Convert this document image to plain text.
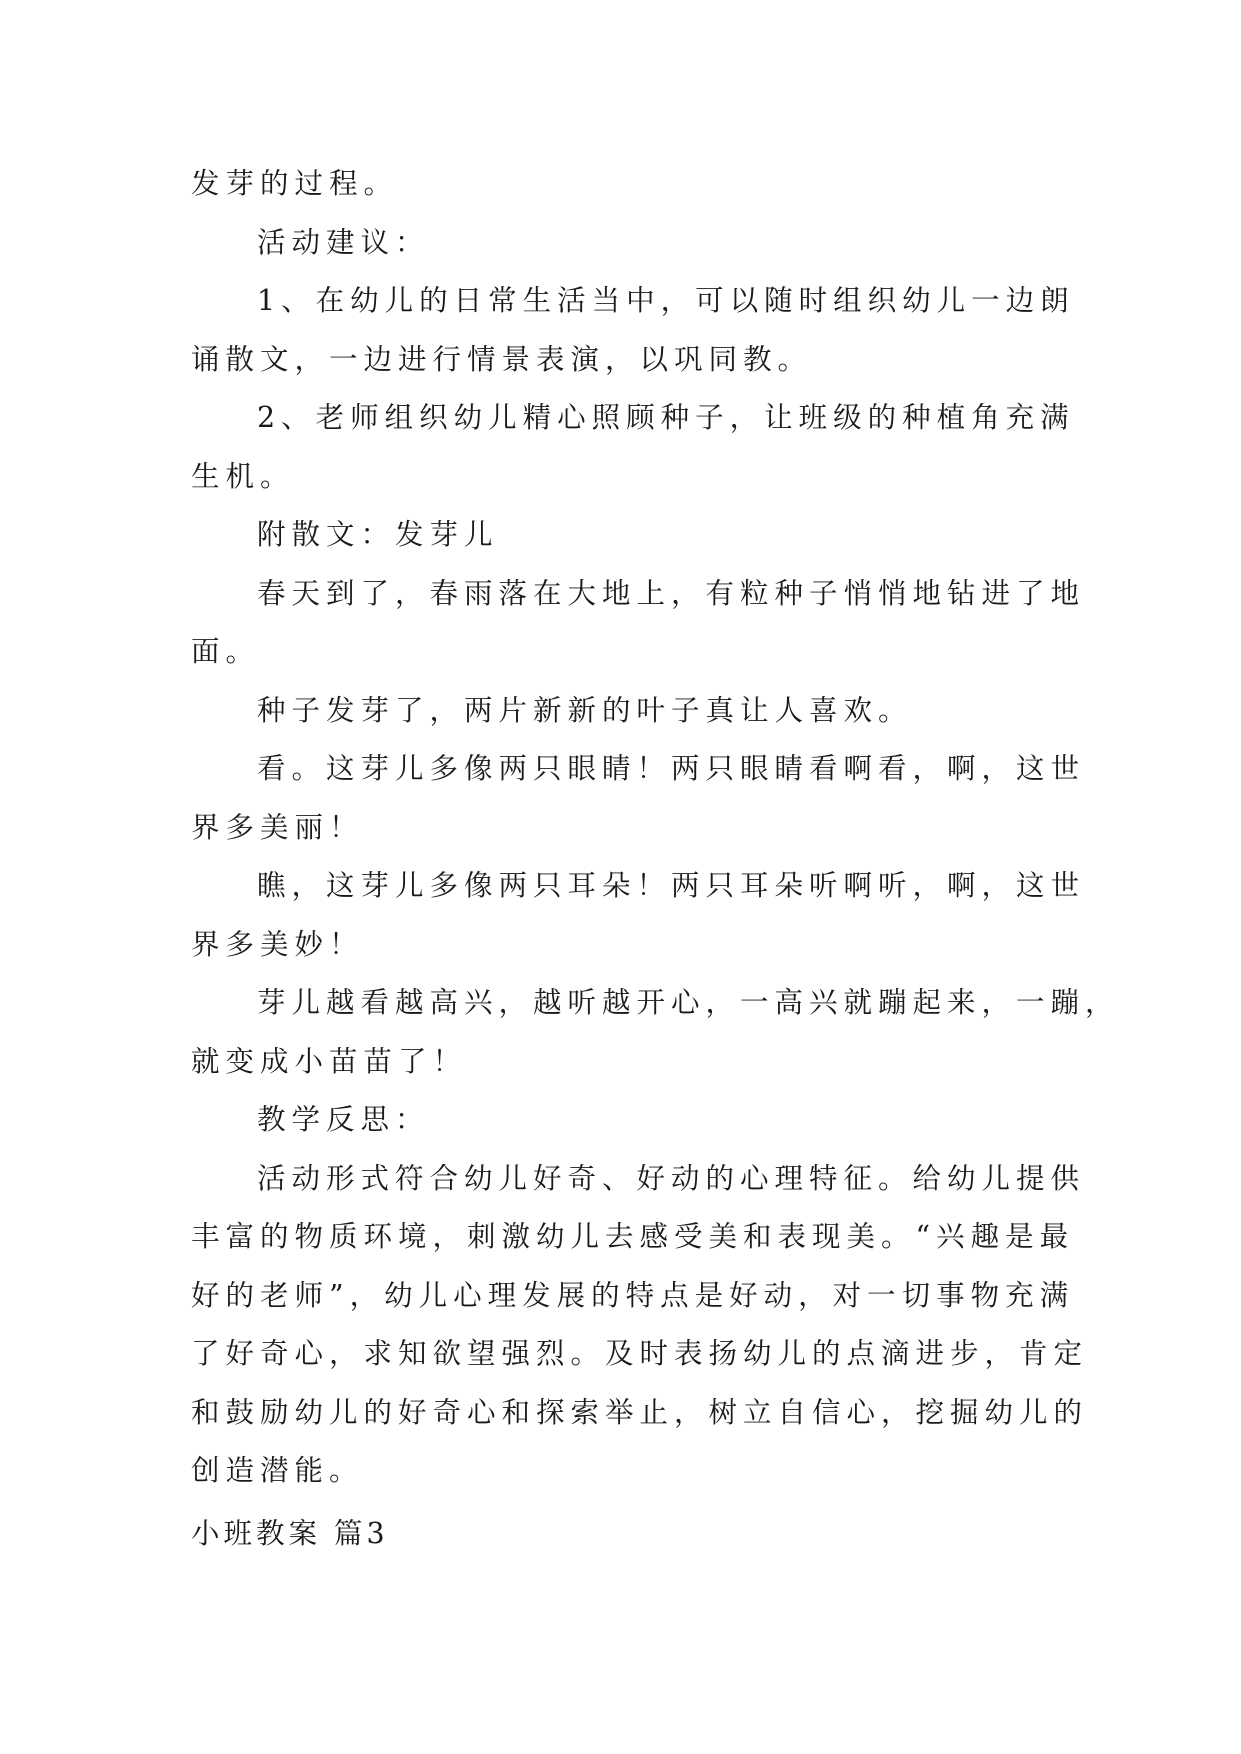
发芽的过程。
活动建议：
1、在幼儿的日常生活当中，可以随时组织幼儿一边朗
诵散文，一边进行情景表演，以巩同教。
2、老师组织幼儿精心照顾种子，让班级的种植角充满
生机。
附散文：发芽儿
春天到了，春雨落在大地上，有粒种子悄悄地钻进了地
面。
种子发芽了，两片新新的叶子真让人喜欢。
看。这芽儿多像两只眼睛！两只眼睛看啊看，啊，这世
界多美丽！
瞧，这芽儿多像两只耳朵！两只耳朵听啊听，啊，这世
界多美妙！
芽儿越看越高兴，越听越开心，一高兴就蹦起来，一蹦，
就变成小苗苗了！
教学反思：
活动形式符合幼儿好奇、好动的心理特征。给幼儿提供
丰富的物质环境，刺激幼儿去感受美和表现美。“兴趣是最
好的老师”，幼儿心理发展的特点是好动，对一切事物充满
了好奇心，求知欲望强烈。及时表扬幼儿的点滴进步，肯定
和鼓励幼儿的好奇心和探索举止，树立自信心，挖掘幼儿的
创造潜能。
小班教案 篇3
